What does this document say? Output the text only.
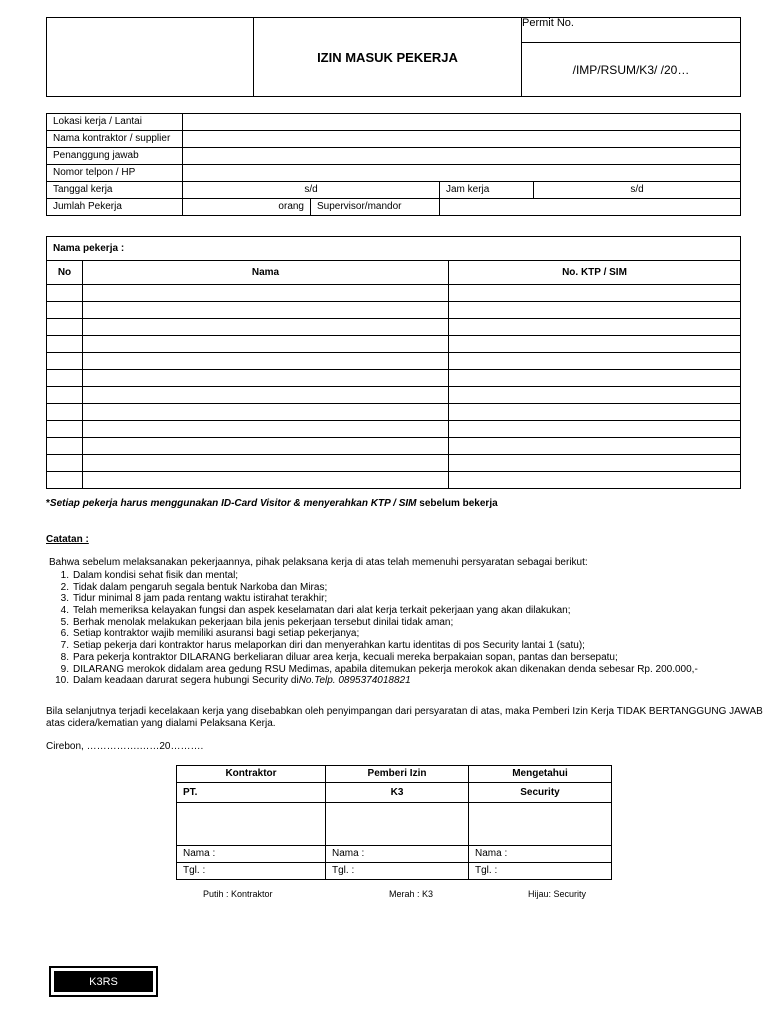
	IZIN MASUK PEKERJA	Permit No.
/IMP/RSUM/K3/ /20…
Lokasi kerja / Lantai				
Nama kontraktor / supplier				
Penanggung jawab				
Nomor telpon / HP				
Tanggal kerja	s/d		Jam kerja	s/d
Jumlah Pekerja	orang	Supervisor/mandor		
Nama pekerja :		
No	Nama	No. KTP / SIM

*Setiap pekerja harus menggunakan ID-Card Visitor & menyerahkan KTP / SIM sebelum bekerja
Catatan :
Bahwa sebelum melaksanakan pekerjaannya, pihak pelaksana kerja di atas telah memenuhi persyaratan sebagai berikut:
1. Dalam kondisi sehat fisik dan mental;
2. Tidak dalam pengaruh segala bentuk Narkoba dan Miras;
3. Tidur minimal 8 jam pada rentang waktu istirahat terakhir;
4. Telah memeriksa kelayakan fungsi dan aspek keselamatan dari alat kerja terkait pekerjaan yang akan dilakukan;
5. Berhak menolak melakukan pekerjaan bila jenis pekerjaan tersebut dinilai tidak aman;
6. Setiap kontraktor wajib memiliki asuransi bagi setiap pekerjanya;
7. Setiap pekerja dari kontraktor harus melaporkan diri dan menyerahkan kartu identitas di pos Security lantai 1 (satu);
8. Para pekerja kontraktor DILARANG berkeliaran diluar area kerja, kecuali mereka berpakaian sopan, pantas dan bersepatu;
9. DILARANG merokok didalam area gedung RSU Medimas, apabila ditemukan pekerja merokok akan dikenakan denda sebesar Rp. 200.000,-
10. Dalam keadaan darurat segera hubungi Security di No.Telp. 0895374018821
Bila selanjutnya terjadi kecelakaan kerja yang disebabkan oleh penyimpangan dari persyaratan di atas, maka Pemberi Izin Kerja TIDAK BERTANGGUNG JAWAB
atas cidera/kematian yang dialami Pelaksana Kerja.
Cirebon, …………….……20……….
Kontraktor	Pemberi Izin	Mengetahui
PT.	K3	Security

Nama :	Nama :	Nama :
Tgl. :	Tgl. :	Tgl. :
Putih : Kontraktor	Merah : K3	Hijau: Security
K3RS
